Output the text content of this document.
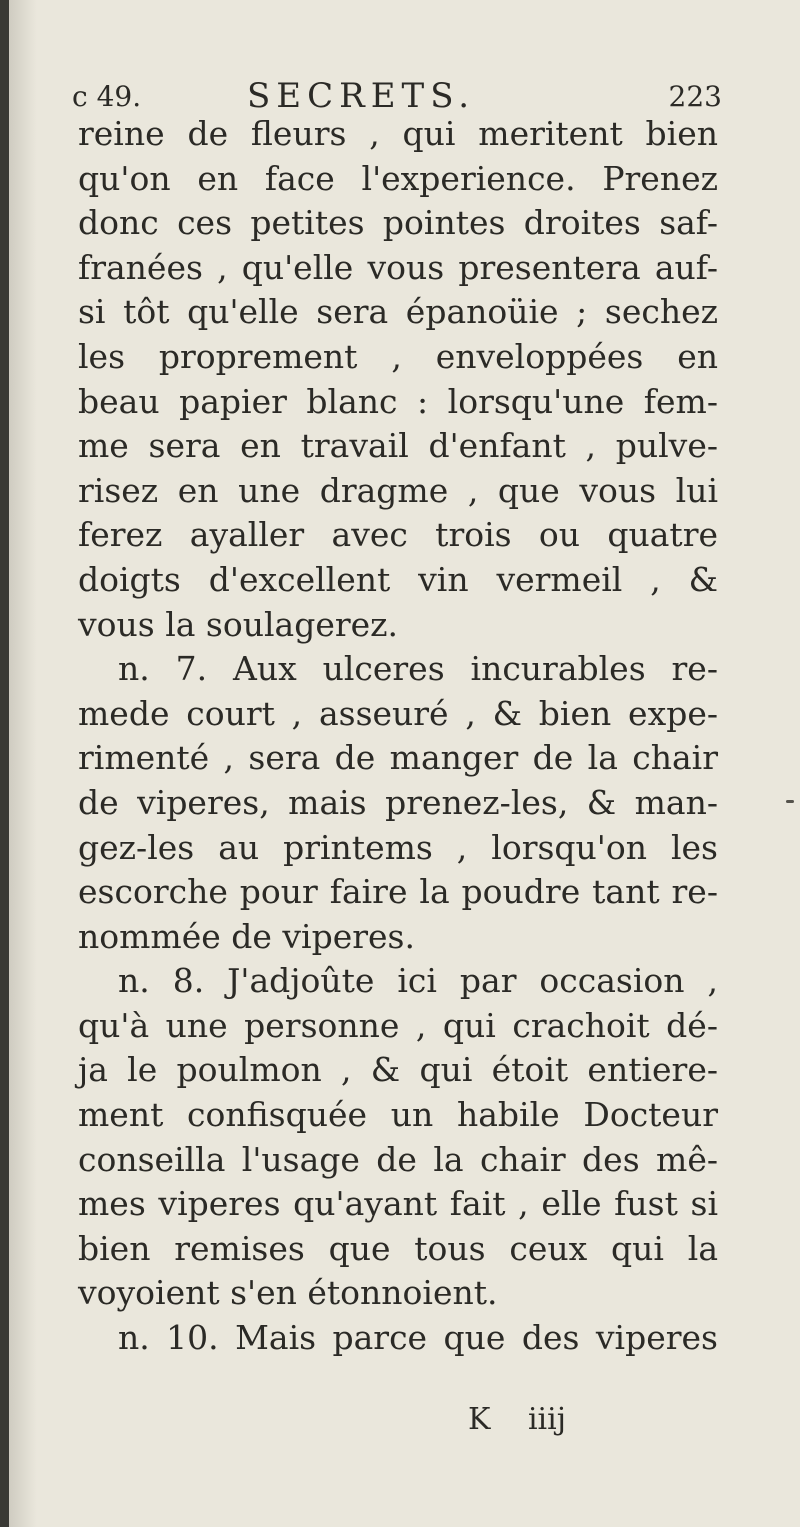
c 49.	SECRETS.	223
reine de fleurs , qui meritent bien
qu'on en face l'experience. Prenez
donc ces petites pointes droites saf-
franées , qu'elle vous presentera auf-
si tôt qu'elle sera épanoüie ; sechez
les proprement , enveloppées en
beau papier blanc : lorsqu'une fem-
me sera en travail d'enfant , pulve-
risez en une dragme , que vous lui
ferez ayaller avec trois ou quatre
doigts d'excellent vin vermeil , &
vous la soulagerez.
n. 7. Aux ulceres incurables re-
mede court , asseuré , & bien expe-
rimenté , sera de manger de la chair
de viperes, mais prenez-les, & man-
gez-les au printems , lorsqu'on les
escorche pour faire la poudre tant re-
nommée de viperes.
n. 8. J'adjoûte ici par occasion ,
qu'à une personne , qui crachoit dé-
ja le poulmon , & qui étoit entiere-
ment confisquée un habile Docteur
conseilla l'usage de la chair des mê-
mes viperes qu'ayant fait , elle fust si
bien remises que tous ceux qui la
voyoient s'en étonnoient.
n. 10. Mais parce que des viperes
K iiij
